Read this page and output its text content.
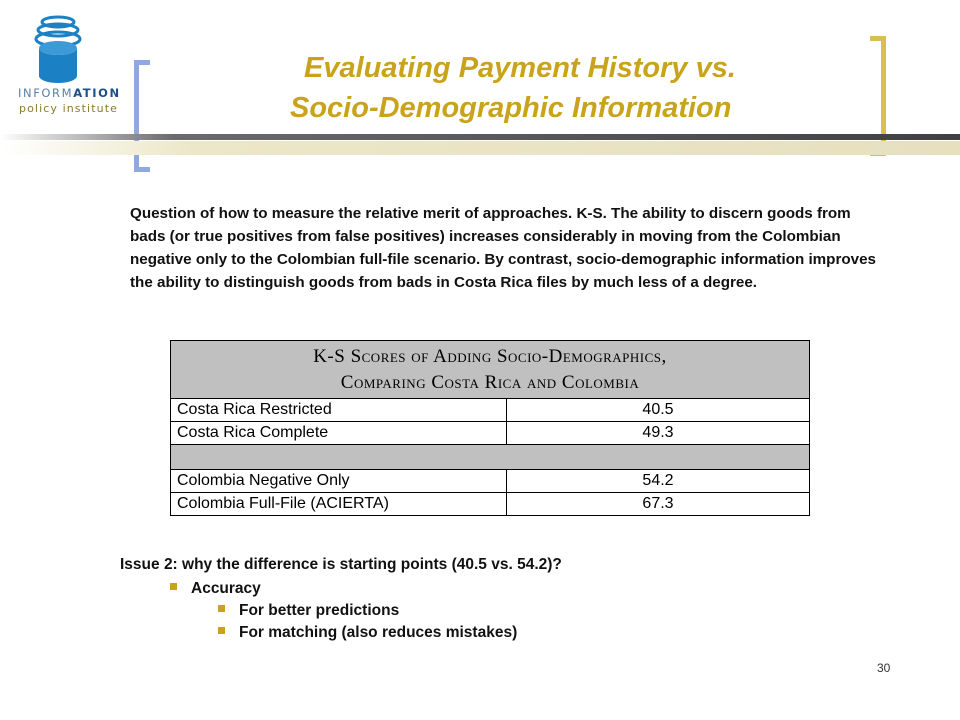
INFORMATION
policy institute
Evaluating Payment History vs.
Socio-Demographic Information
Question of how to measure the relative merit of approaches. K-S. The ability to discern goods from bads (or true positives from false positives) increases considerably in moving from the Colombian negative only to the Colombian full-file scenario. By contrast, socio-demographic information improves the ability to distinguish goods from bads in Costa Rica files by much less of a degree.
K-S Scores of Adding Socio-Demographics,
Comparing Costa Rica and Colombia	

Costa Rica Restricted	40.5
Costa Rica Complete	49.3

Colombia Negative Only	54.2
Colombia Full-File (ACIERTA)	67.3
Issue 2: why the difference is starting points (40.5 vs. 54.2)?
Accuracy
For better predictions
For matching (also reduces mistakes)
30
